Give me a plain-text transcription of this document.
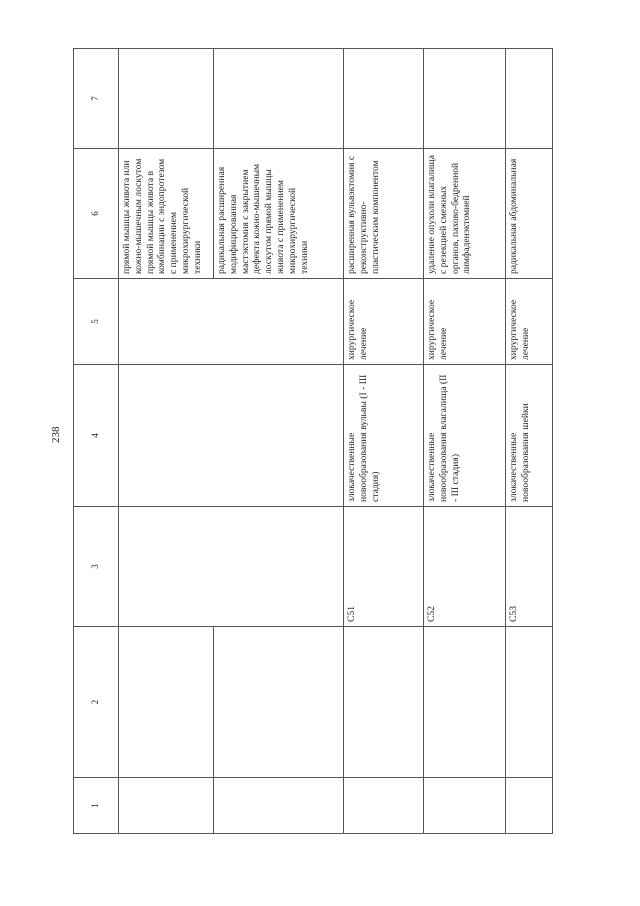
238
1	2	3	4	5	6	7
					прямой мышцы живота или кожно-мышечным лоскутом прямой мышцы живота в комбинации с эндопротезом с применением микрохирургической техники	
					радикальная расширенная модифицированная мастэктомия с закрытием дефекта кожно-мышечным лоскутом прямой мышцы живота с применением микрохирургической техники	
		C51	злокачественные новообразования вульвы (I - III стадия)	хирургическое лечение	расширенная вульвэктомия с реконструктивно-пластическим компонентом	
		C52	злокачественные новообразования влагалища (II - III стадия)	хирургическое лечение	удаление опухоли влагалища с резекцией смежных органов, пахово-бедренной лимфаденэктомией	
		C53	злокачественные новообразования шейки	хирургическое лечение	радикальная абдоминальная	
